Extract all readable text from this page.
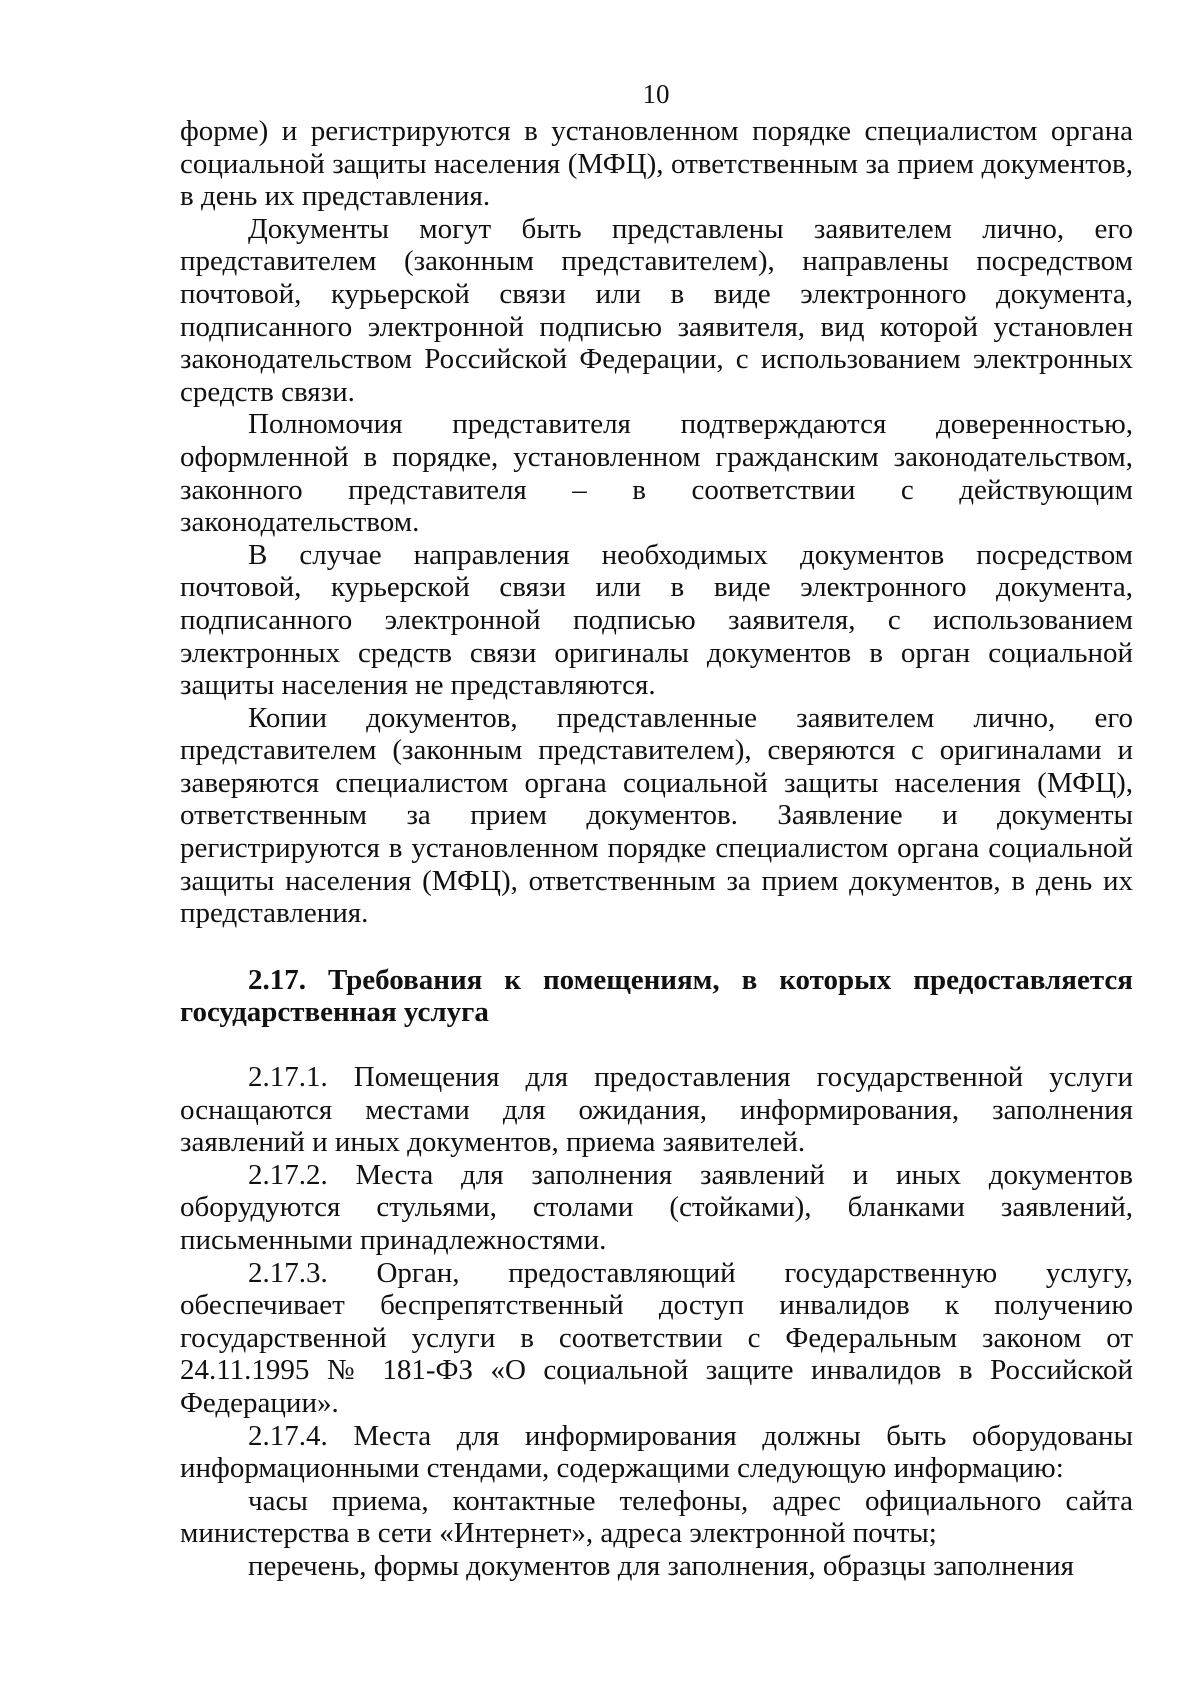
10

форме) и регистрируются в установленном порядке специалистом органа социальной защиты населения (МФЦ), ответственным за прием документов, в день их представления.

Документы могут быть представлены заявителем лично, его представителем (законным представителем), направлены посредством почтовой, курьерской связи или в виде электронного документа, подписанного электронной подписью заявителя, вид которой установлен законодательством Российской Федерации, с использованием электронных средств связи.

Полномочия представителя подтверждаются доверенностью, оформленной в порядке, установленном гражданским законодательством, законного представителя – в соответствии с действующим законодательством.

В случае направления необходимых документов посредством почтовой, курьерской связи или в виде электронного документа, подписанного электронной подписью заявителя, с использованием электронных средств связи оригиналы документов в орган социальной защиты населения не представляются.

Копии документов, представленные заявителем лично, его представителем (законным представителем), сверяются с оригиналами и заверяются специалистом органа социальной защиты населения (МФЦ), ответственным за прием документов. Заявление и документы регистрируются в установленном порядке специалистом органа социальной защиты населения (МФЦ), ответственным за прием документов, в день их представления.

2.17. Требования к помещениям, в которых предоставляется государственная услуга

2.17.1. Помещения для предоставления государственной услуги оснащаются местами для ожидания, информирования, заполнения заявлений и иных документов, приема заявителей.

2.17.2. Места для заполнения заявлений и иных документов оборудуются стульями, столами (стойками), бланками заявлений, письменными принадлежностями.

2.17.3. Орган, предоставляющий государственную услугу, обеспечивает беспрепятственный доступ инвалидов к получению государственной услуги в соответствии с Федеральным законом от 24.11.1995 № 181-ФЗ «О социальной защите инвалидов в Российской Федерации».

2.17.4. Места для информирования должны быть оборудованы информационными стендами, содержащими следующую информацию:

часы приема, контактные телефоны, адрес официального сайта министерства в сети «Интернет», адреса электронной почты;

перечень, формы документов для заполнения, образцы заполнения
